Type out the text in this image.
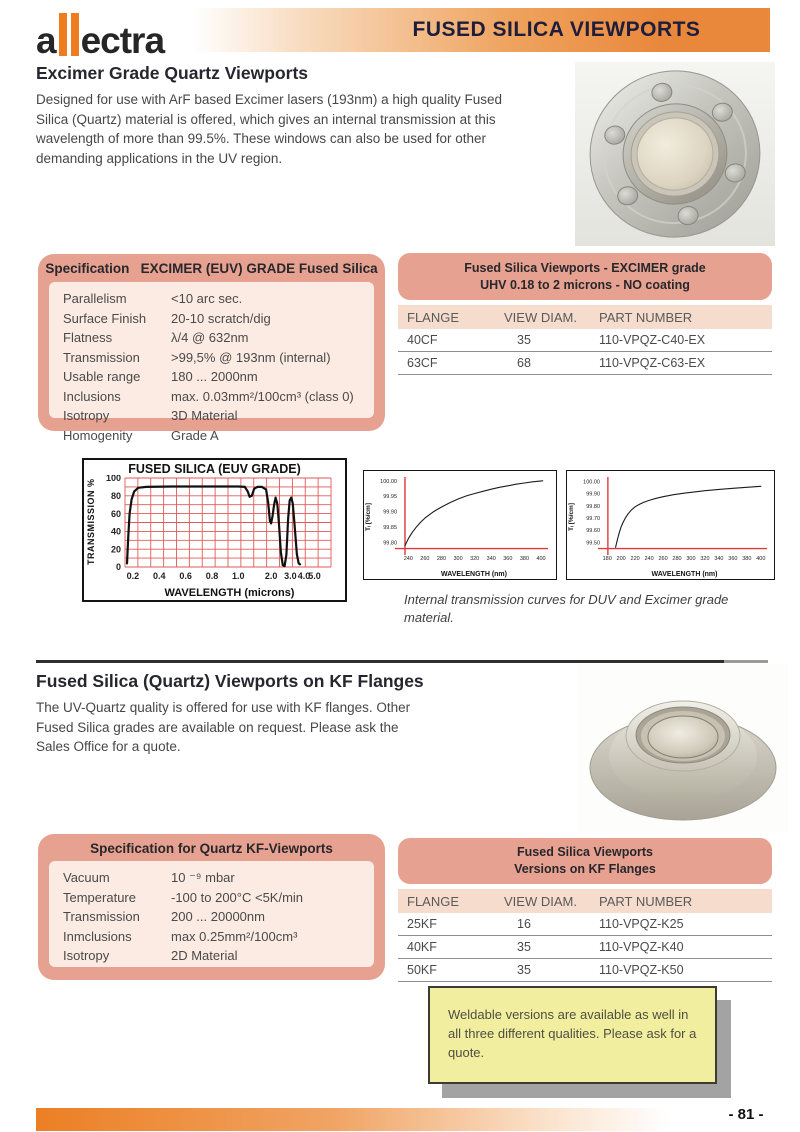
a ectra	FUSED SILICA VIEWPORTS
Excimer Grade Quartz Viewports
Designed for use with ArF based Excimer lasers (193nm) a high quality Fused Silica (Quartz) material is offered, which gives an internal transmission at this wavelength of more than 99.5%. These windows can also be used for other demanding applications in the UV region.
Specification EXCIMER (EUV) GRADE Fused Silica
Parallelism	<10 arc sec.
Surface Finish	20-10 scratch/dig
Flatness	λ/4 @ 632nm
Transmission	>99,5% @ 193nm (internal)
Usable range	180 ... 2000nm
Inclusions	max. 0.03mm²/100cm³ (class 0)
Isotropy	3D Material
Homogenity	Grade A
Fused Silica Viewports - EXCIMER grade
UHV 0.18 to 2 microns - NO coating
FLANGE	VIEW DIAM.	PART NUMBER
40CF	35	110-VPQZ-C40-EX
63CF	68	110-VPQZ-C63-EX
FUSED SILICA (EUV GRADE)
TRANSMISSION %
0.2 0.4 0.6 0.8 1.0 2.0 3.0 4.0
5.0
0
20
40
60
80
100
WAVELENGTH (microns)
Tᵢ [%/cm]
240 260 280 300 320 340 360 380 400
99.80
99.85
99.90
99.95
100.00
WAVELENGTH (nm)
Tᵢ [%/cm]
180 200 220 240 260 280 300 320 340 360 380 400
99.50
99.60
99.70
99.80
99.90
100.00
WAVELENGTH (nm)
Internal transmission curves for DUV and Excimer grade material.
Fused Silica (Quartz) Viewports on KF Flanges
The UV-Quartz quality is offered for use with KF flanges. Other Fused Silica grades are available on request. Please ask the Sales Office for a quote.
Specification for Quartz KF-Viewports
Vacuum	10 ⁻⁹ mbar
Temperature	-100 to 200°C <5K/min
Transmission	200 ... 20000nm
Inmclusions	max 0.25mm²/100cm³
Isotropy	2D Material
Fused Silica Viewports
Versions on KF Flanges
FLANGE	VIEW DIAM.	PART NUMBER
25KF	16	110-VPQZ-K25
40KF	35	110-VPQZ-K40
50KF	35	110-VPQZ-K50
Weldable versions are available as well in all three different qualities. Please ask for a quote.
- 81 -
